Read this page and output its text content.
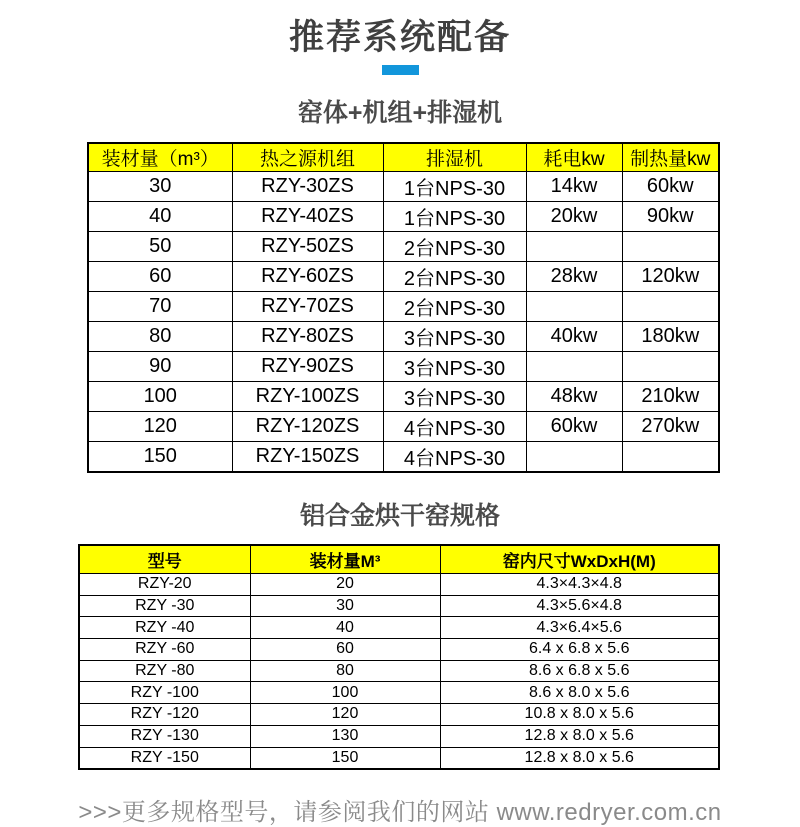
推荐系统配备
窑体+机组+排湿机
装材量（m³）	热之源机组	排湿机	耗电kw	制热量kw
30	RZY-30ZS	1台NPS-30	14kw	60kw
40	RZY-40ZS	1台NPS-30	20kw	90kw
50	RZY-50ZS	2台NPS-30		
60	RZY-60ZS	2台NPS-30	28kw	120kw
70	RZY-70ZS	2台NPS-30		
80	RZY-80ZS	3台NPS-30	40kw	180kw
90	RZY-90ZS	3台NPS-30		
100	RZY-100ZS	3台NPS-30	48kw	210kw
120	RZY-120ZS	4台NPS-30	60kw	270kw
150	RZY-150ZS	4台NPS-30		
铝合金烘干窑规格
型号	装材量M³	窑内尺寸WxDxH(M)
RZY-20	20	4.3×4.3×4.8
RZY -30	30	4.3×5.6×4.8
RZY -40	40	4.3×6.4×5.6
RZY -60	60	6.4 x 6.8 x 5.6
RZY -80	80	8.6 x 6.8 x 5.6
RZY -100	100	8.6 x 8.0 x 5.6
RZY -120	120	10.8 x 8.0 x 5.6
RZY -130	130	12.8 x 8.0 x 5.6
RZY -150	150	12.8 x 8.0 x 5.6
>>>更多规格型号，请参阅我们的网站 www.redryer.com.cn
